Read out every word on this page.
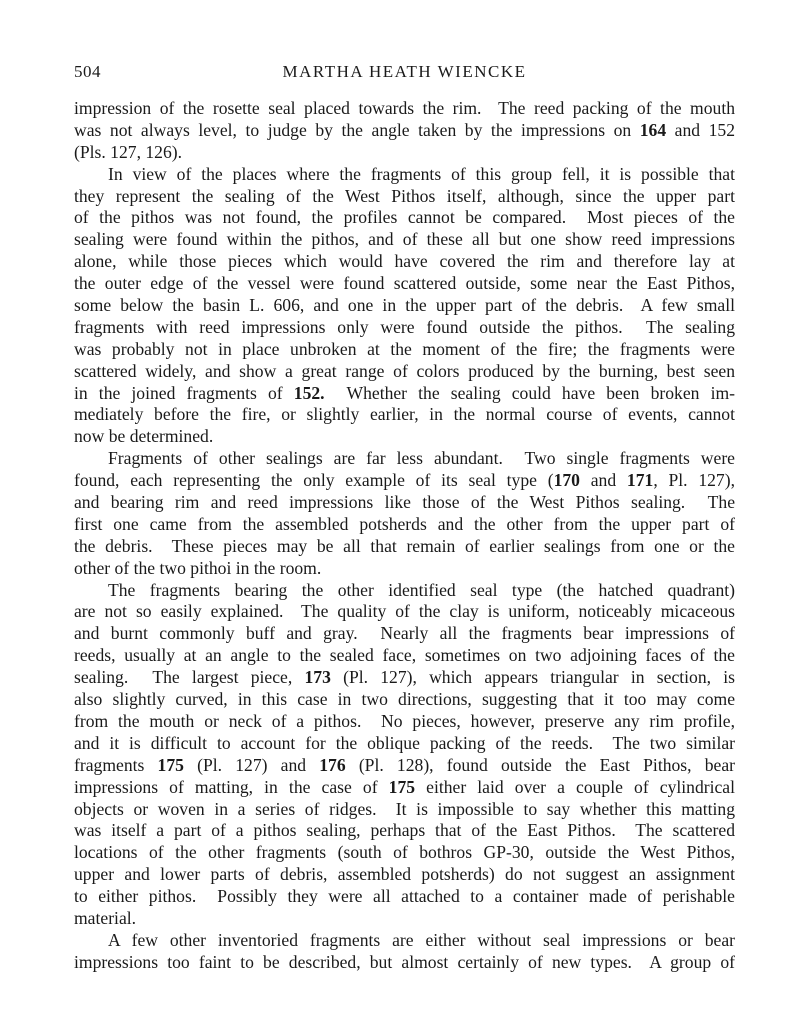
504	MARTHA HEATH WIENCKE

impression of the rosette seal placed towards the rim.  The reed packing of the mouth
was not always level, to judge by the angle taken by the impressions on 164 and 152
(Pls. 127, 126).

In view of the places where the fragments of this group fell, it is possible that
they represent the sealing of the West Pithos itself, although, since the upper part
of the pithos was not found, the profiles cannot be compared.  Most pieces of the
sealing were found within the pithos, and of these all but one show reed impressions
alone, while those pieces which would have covered the rim and therefore lay at
the outer edge of the vessel were found scattered outside, some near the East Pithos,
some below the basin L. 606, and one in the upper part of the debris.  A few small
fragments with reed impressions only were found outside the pithos.  The sealing
was probably not in place unbroken at the moment of the fire; the fragments were
scattered widely, and show a great range of colors produced by the burning, best seen
in the joined fragments of 152.  Whether the sealing could have been broken im-
mediately before the fire, or slightly earlier, in the normal course of events, cannot
now be determined.

Fragments of other sealings are far less abundant.  Two single fragments were
found, each representing the only example of its seal type (170 and 171, Pl. 127),
and bearing rim and reed impressions like those of the West Pithos sealing.  The
first one came from the assembled potsherds and the other from the upper part of
the debris.  These pieces may be all that remain of earlier sealings from one or the
other of the two pithoi in the room.

The fragments bearing the other identified seal type (the hatched quadrant)
are not so easily explained.  The quality of the clay is uniform, noticeably micaceous
and burnt commonly buff and gray.  Nearly all the fragments bear impressions of
reeds, usually at an angle to the sealed face, sometimes on two adjoining faces of the
sealing.  The largest piece, 173 (Pl. 127), which appears triangular in section, is
also slightly curved, in this case in two directions, suggesting that it too may come
from the mouth or neck of a pithos.  No pieces, however, preserve any rim profile,
and it is difficult to account for the oblique packing of the reeds.  The two similar
fragments 175 (Pl. 127) and 176 (Pl. 128), found outside the East Pithos, bear
impressions of matting, in the case of 175 either laid over a couple of cylindrical
objects or woven in a series of ridges.  It is impossible to say whether this matting
was itself a part of a pithos sealing, perhaps that of the East Pithos.  The scattered
locations of the other fragments (south of bothros GP-30, outside the West Pithos,
upper and lower parts of debris, assembled potsherds) do not suggest an assignment
to either pithos.  Possibly they were all attached to a container made of perishable
material.

A few other inventoried fragments are either without seal impressions or bear
impressions too faint to be described, but almost certainly of new types.  A group of
